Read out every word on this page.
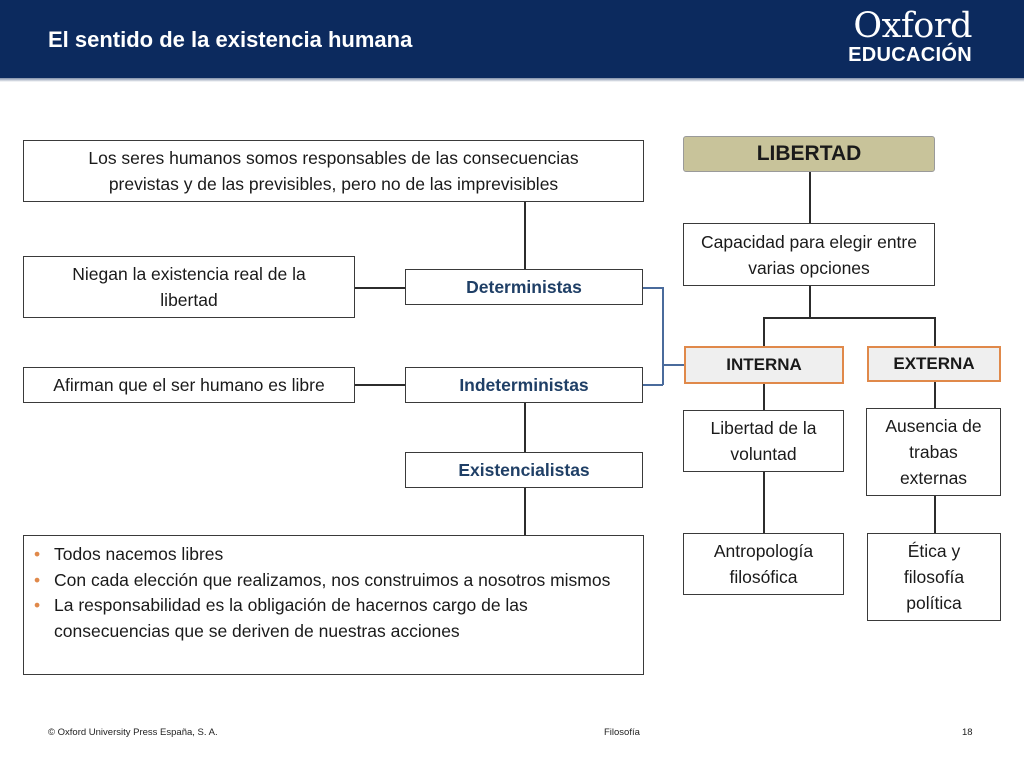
El sentido de la existencia humana	Oxford
EDUCACIÓN
Los seres humanos somos responsables de las consecuencias previstas y de las previsibles, pero no de las imprevisibles
Niegan la existencia real de la libertad
Afirman que el ser humano es libre
Deterministas
Indeterministas
Existencialistas
• Todos nacemos libres
• Con cada elección que realizamos, nos construimos a nosotros mismos
• La responsabilidad es la obligación de hacernos cargo de las consecuencias que se deriven de nuestras acciones
LIBERTAD
Capacidad para elegir entre varias opciones
INTERNA	EXTERNA
Libertad de la voluntad
Ausencia de trabas externas
Antropología filosófica
Ética y filosofía política
© Oxford University Press España, S. A.	Filosofía	18
